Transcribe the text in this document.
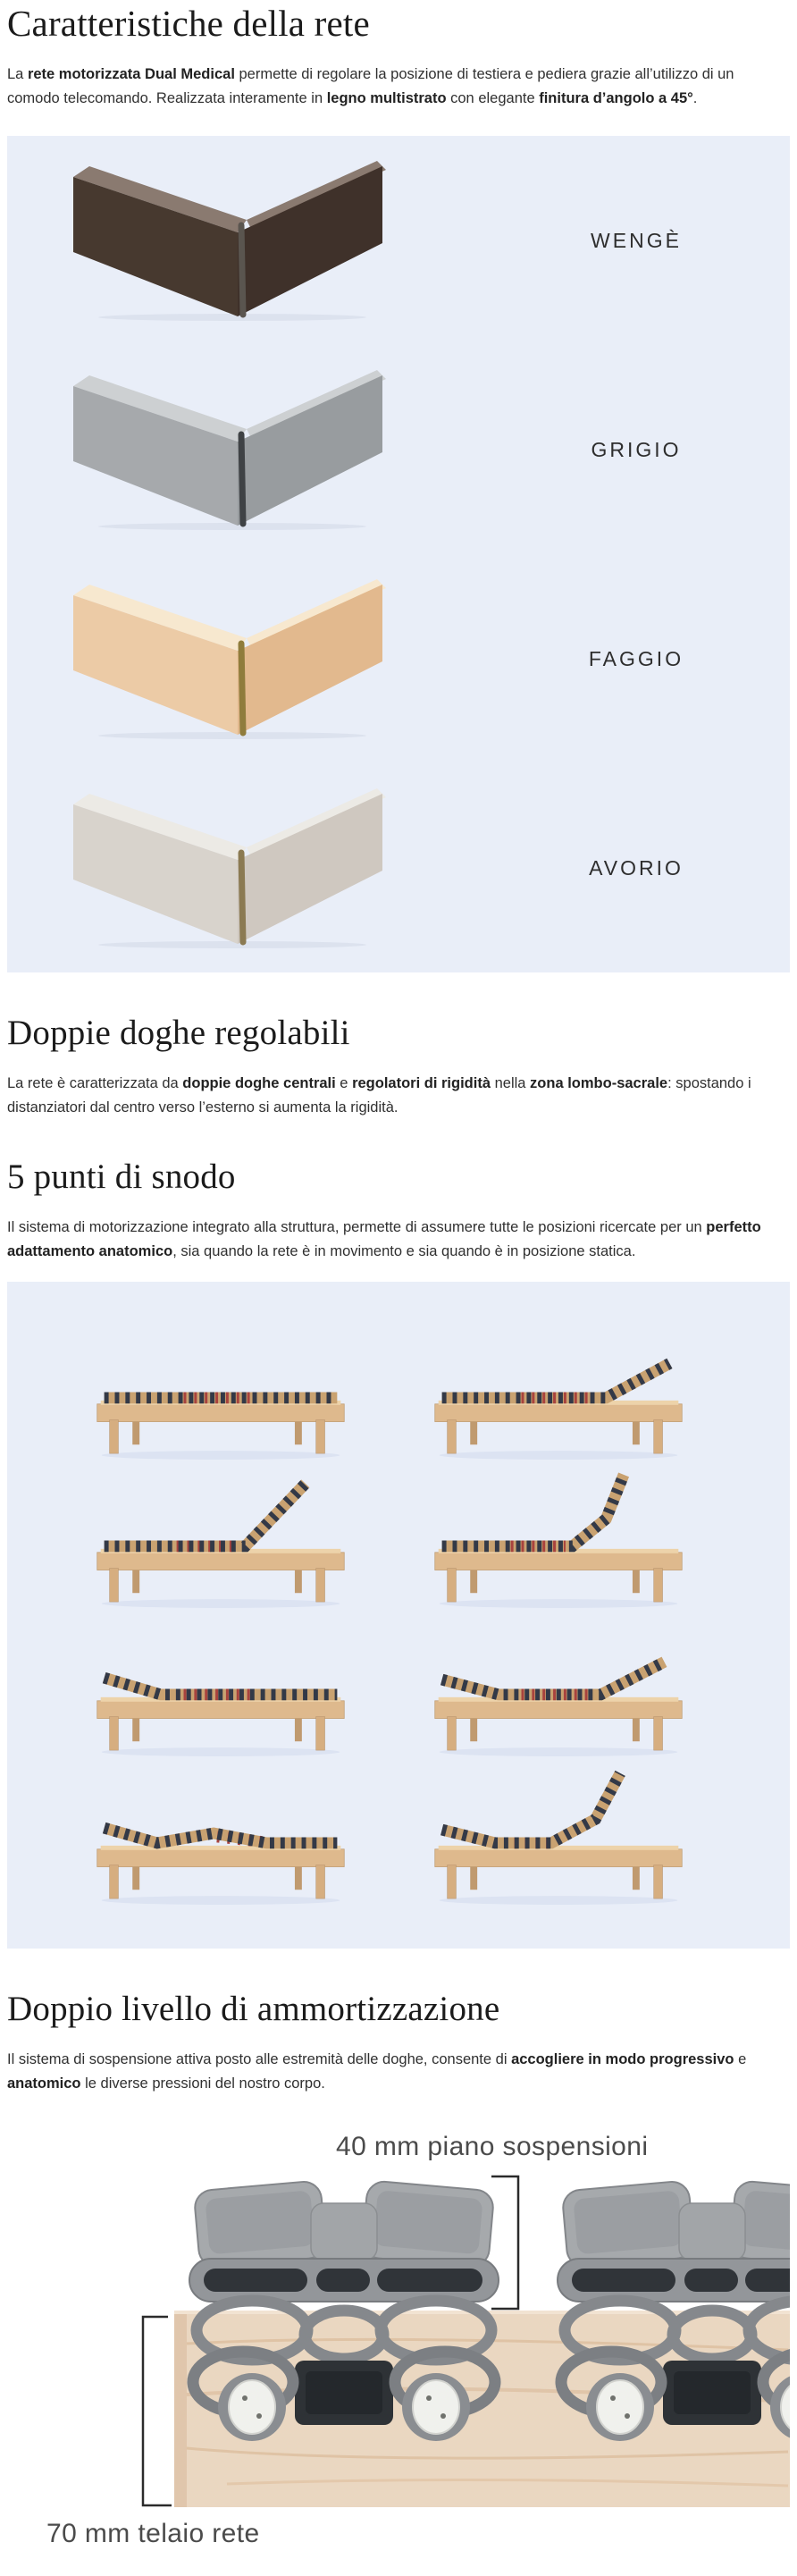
Caratteristiche della rete

La rete motorizzata Dual Medical permette di regolare la posizione di testiera e pediera grazie all’utilizzo di un comodo telecomando. Realizzata interamente in legno multistrato con elegante finitura d’angolo a 45°.

WENGÈ
GRIGIO
FAGGIO
AVORIO
Doppie doghe regolabili

La rete è caratterizzata da doppie doghe centrali e regolatori di rigidità nella zona lombo-sacrale: spostando i distanziatori dal centro verso l’esterno si aumenta la rigidità.

5 punti di snodo

Il sistema di motorizzazione integrato alla struttura, permette di assumere tutte le posizioni ricercate per un perfetto adattamento anatomico, sia quando la rete è in movimento e sia quando è in posizione statica.

Doppio livello di ammortizzazione

Il sistema di sospensione attiva posto alle estremità delle doghe, consente di accogliere in modo progressivo e anatomico le diverse pressioni del nostro corpo.

40 mm piano sospensioni
70 mm telaio rete
